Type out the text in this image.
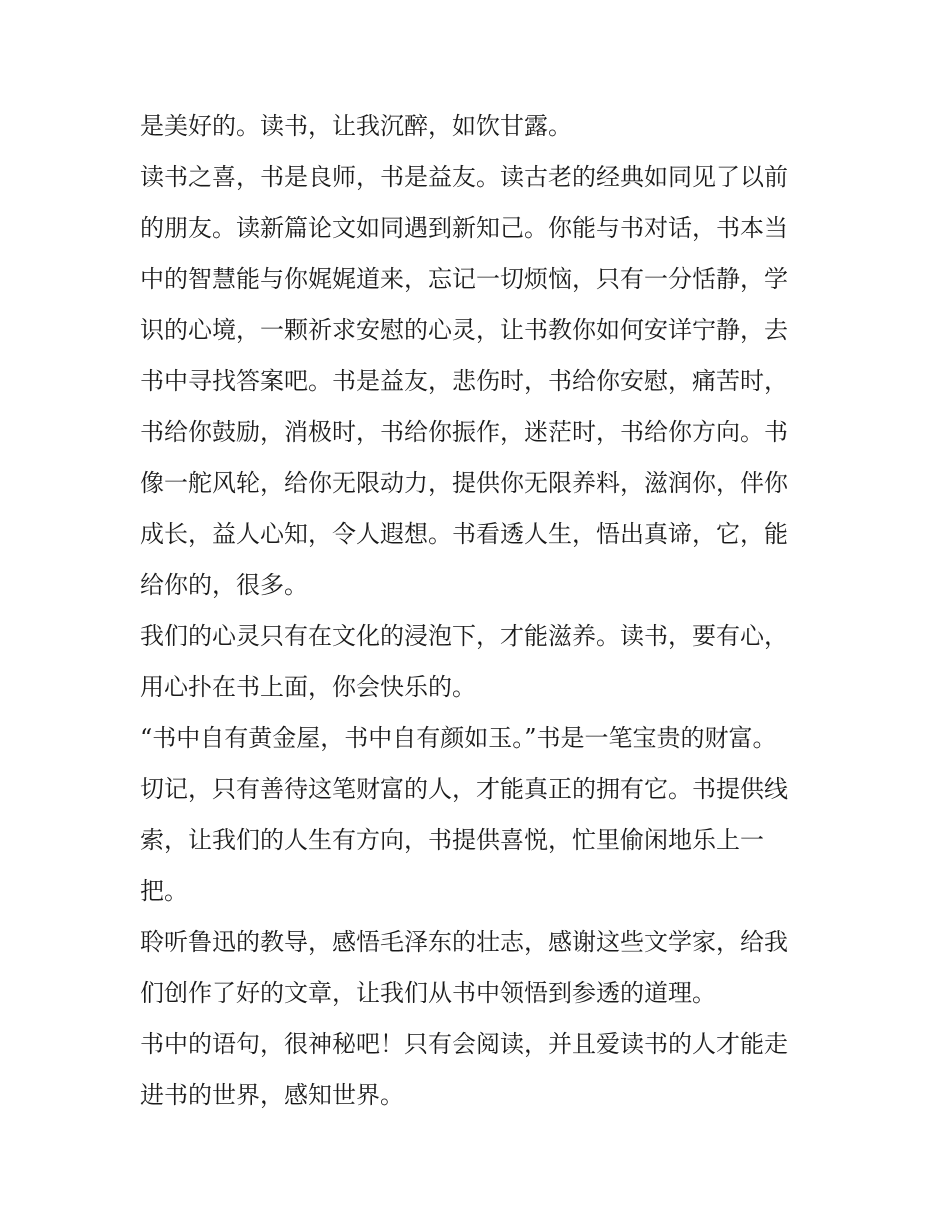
是美好的。读书，让我沉醉，如饮甘露。
读书之喜，书是良师，书是益友。读古老的经典如同见了以前
的朋友。读新篇论文如同遇到新知己。你能与书对话，书本当
中的智慧能与你娓娓道来，忘记一切烦恼，只有一分恬静，学
识的心境，一颗祈求安慰的心灵，让书教你如何安详宁静，去
书中寻找答案吧。书是益友，悲伤时，书给你安慰，痛苦时，
书给你鼓励，消极时，书给你振作，迷茫时，书给你方向。书
像一舵风轮，给你无限动力，提供你无限养料，滋润你，伴你
成长，益人心知，令人遐想。书看透人生，悟出真谛，它，能
给你的，很多。
我们的心灵只有在文化的浸泡下，才能滋养。读书，要有心，
用心扑在书上面，你会快乐的。
“书中自有黄金屋，书中自有颜如玉。”书是一笔宝贵的财富。
切记，只有善待这笔财富的人，才能真正的拥有它。书提供线
索，让我们的人生有方向，书提供喜悦，忙里偷闲地乐上一
把。
聆听鲁迅的教导，感悟毛泽东的壮志，感谢这些文学家，给我
们创作了好的文章，让我们从书中领悟到参透的道理。
书中的语句，很神秘吧！只有会阅读，并且爱读书的人才能走
进书的世界，感知世界。
